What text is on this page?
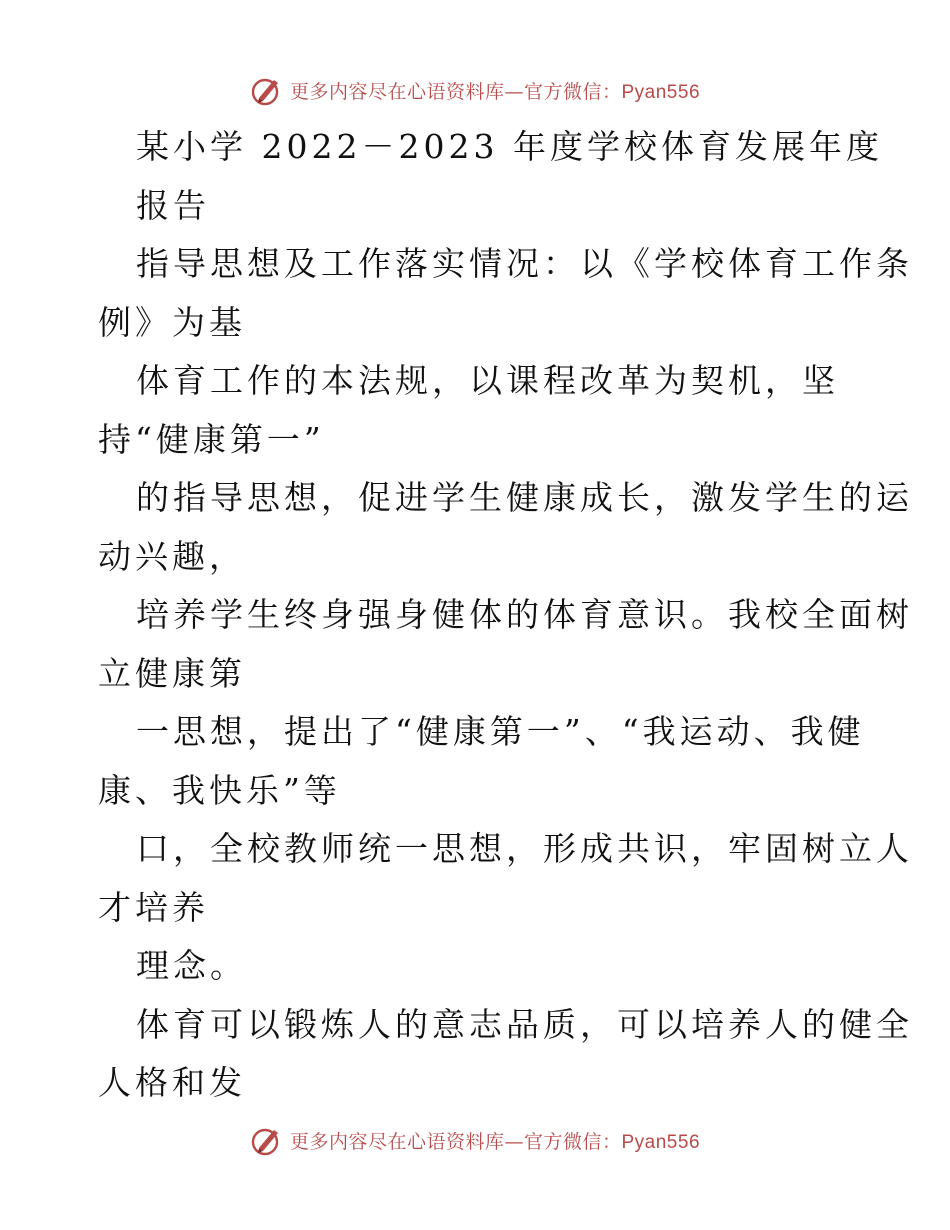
更多内容尽在心语资料库—官方微信：Pyan556
某小学 2022－2023 年度学校体育发展年度
报告
指导思想及工作落实情况：以《学校体育工作条
例》为基
体育工作的本法规，以课程改革为契机，坚
持“健康第一”
的指导思想，促进学生健康成长，激发学生的运
动兴趣，
培养学生终身强身健体的体育意识。我校全面树
立健康第
一思想，提出了“健康第一”、“我运动、我健
康、我快乐”等
口，全校教师统一思想，形成共识，牢固树立人
才培养
理念。
体育可以锻炼人的意志品质，可以培养人的健全
人格和发
更多内容尽在心语资料库—官方微信：Pyan556
